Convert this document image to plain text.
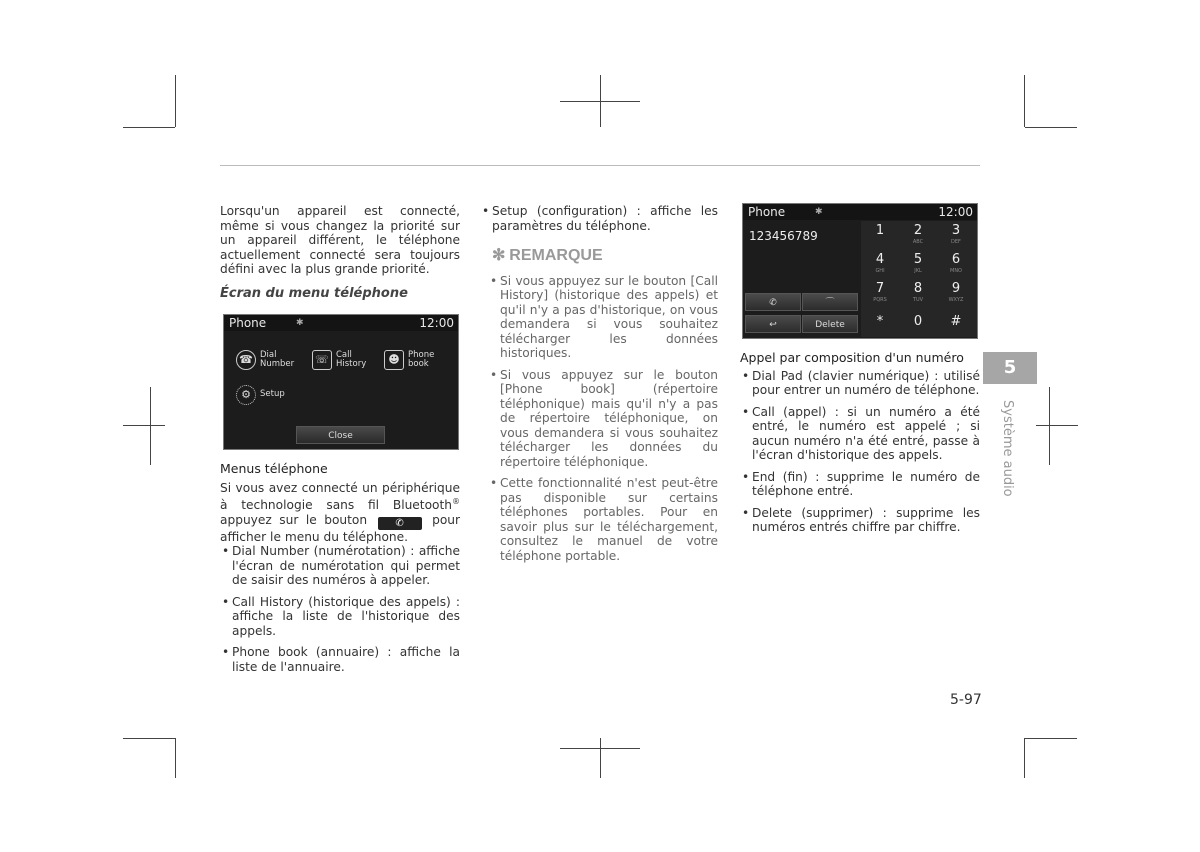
Lorsqu'un appareil est connecté, même si vous changez la priorité sur un appareil différent, le téléphone actuellement connecté sera toujours défini avec la plus grande priorité.

Écran du menu téléphone

Phone	✱	12:00
☎ Dial Number	☏ Call History	☻ Phone book
⚙	Setup
Close

Menus téléphone

Si vous avez connecté un périphérique à technologie sans fil Bluetooth® appuyez sur le bouton	✆ pour afficher le menu du téléphone.

• Dial Number (numérotation) : affiche l'écran de numérotation qui permet de saisir des numéros à appeler.
• Call History (historique des appels) : affiche la liste de l'historique des appels.
• Phone book (annuaire) : affiche la liste de l'annuaire.
• Setup (configuration) : affiche les paramètres du téléphone.
✻ REMARQUE
• Si vous appuyez sur le bouton [Call History] (historique des appels) et qu'il n'y a pas d'historique, on vous demandera si vous souhaitez télécharger les données historiques.
• Si vous appuyez sur le bouton [Phone book] (répertoire téléphonique) mais qu'il n'y a pas de répertoire téléphonique, on vous demandera si vous souhaitez télécharger les données du répertoire téléphonique.
• Cette fonctionnalité n'est peut-être pas disponible sur certains téléphones portables. Pour en savoir plus sur le téléchargement, consultez le manuel de votre téléphone portable.
Phone	✱	12:00
123456789	1	2
ABC
3
DEF
4
GHI
5
JKL
6
MNO
7
PQRS
8
TUV
9
WXYZ
*	0	#
✆	⌒
↩	Delete

Appel par composition d'un numéro

• Dial Pad (clavier numérique) : utilisé pour entrer un numéro de téléphone.
• Call (appel) : si un numéro a été entré, le numéro est appelé ; si aucun numéro n'a été entré, passe à l'écran d'historique des appels.
• End (fin) : supprime le numéro de téléphone entré.
• Delete (supprimer) : supprime les numéros entrés chiffre par chiffre.
5
Système audio
5-97
